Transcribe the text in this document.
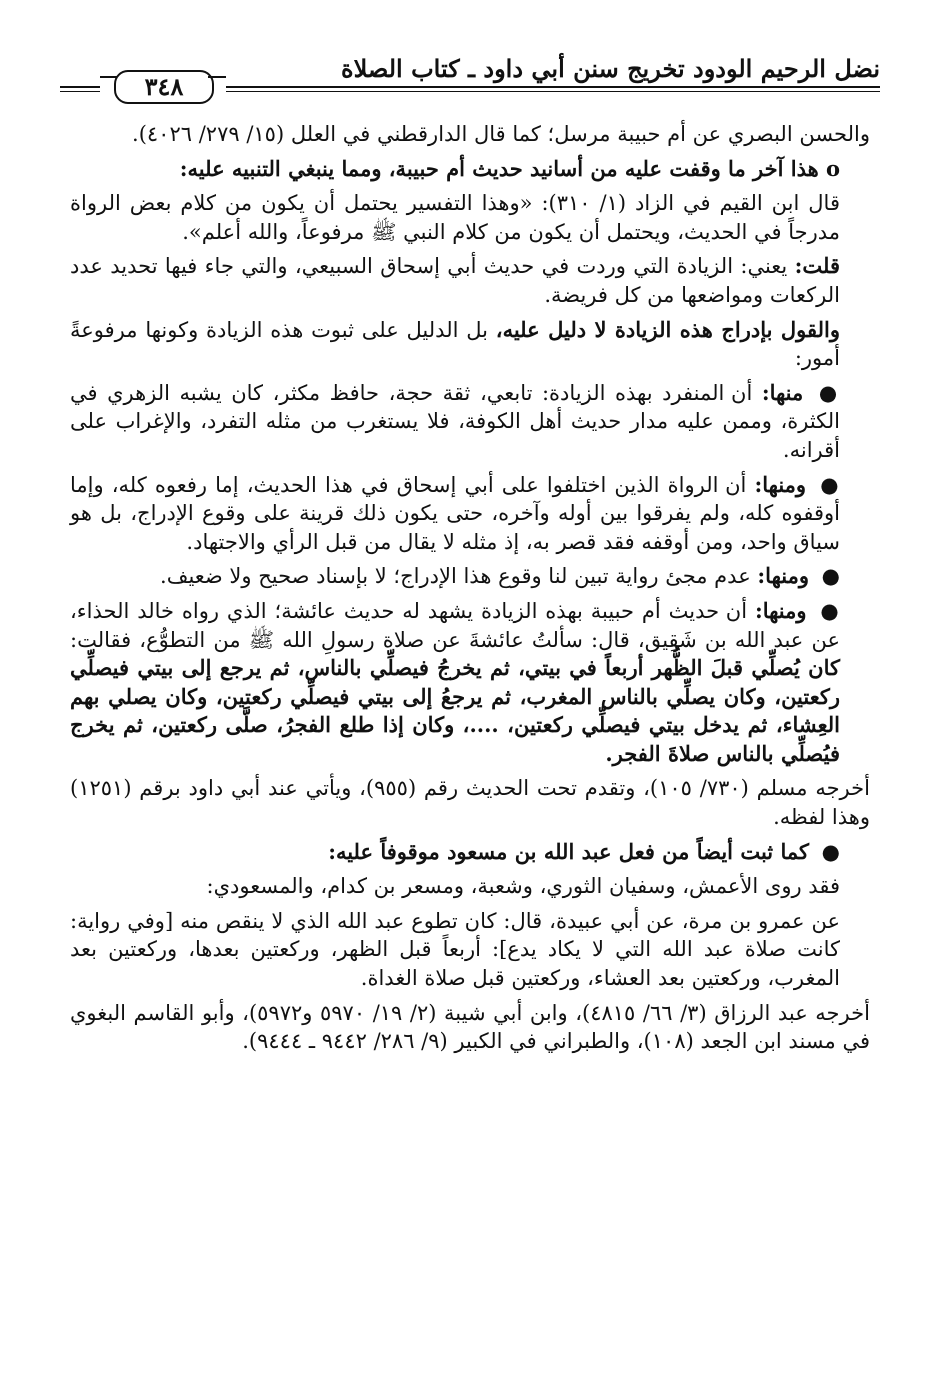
نضل الرحيم الودود تخريج سنن أبي داود ـ كتاب الصلاة
٣٤٨

والحسن البصري عن أم حبيبة مرسل؛ كما قال الدارقطني في العلل (١٥/ ٢٧٩/ ٤٠٢٦).

o هذا آخر ما وقفت عليه من أسانيد حديث أم حبيبة، ومما ينبغي التنبيه عليه:

قال ابن القيم في الزاد (١/ ٣١٠): «وهذا التفسير يحتمل أن يكون من كلام بعض الرواة مدرجاً في الحديث، ويحتمل أن يكون من كلام النبي ﷺ مرفوعاً، والله أعلم».

قلت: يعني: الزيادة التي وردت في حديث أبي إسحاق السبيعي، والتي جاء فيها تحديد عدد الركعات ومواضعها من كل فريضة.

والقول بإدراج هذه الزيادة لا دليل عليه، بل الدليل على ثبوت هذه الزيادة وكونها مرفوعةً أمور:

● منها: أن المنفرد بهذه الزيادة: تابعي، ثقة حجة، حافظ مكثر، كان يشبه الزهري في الكثرة، وممن عليه مدار حديث أهل الكوفة، فلا يستغرب من مثله التفرد، والإغراب على أقرانه.

● ومنها: أن الرواة الذين اختلفوا على أبي إسحاق في هذا الحديث، إما رفعوه كله، وإما أوقفوه كله، ولم يفرقوا بين أوله وآخره، حتى يكون ذلك قرينة على وقوع الإدراج، بل هو سياق واحد، ومن أوقفه فقد قصر به، إذ مثله لا يقال من قبل الرأي والاجتهاد.

● ومنها: عدم مجئ رواية تبين لنا وقوع هذا الإدراج؛ لا بإسناد صحيح ولا ضعيف.

● ومنها: أن حديث أم حبيبة بهذه الزيادة يشهد له حديث عائشة؛ الذي رواه خالد الحذاء، عن عبد الله بن شَقِيق، قال: سألتُ عائشةَ عن صلاة رسولِ الله ﷺ من التطوُّع، فقالت: كان يُصلِّي قبلَ الظُّهر أربعاً في بيتي، ثم يخرجُ فيصلِّي بالناس، ثم يرجع إلى بيتي فيصلِّي ركعتين، وكان يصلِّي بالناس المغرب، ثم يرجعُ إلى بيتي فيصلِّي ركعتين، وكان يصلي بهم العِشاء، ثم يدخل بيتي فيصلِّي ركعتين، ....، وكان إذا طلع الفجرُ، صلَّى ركعتين، ثم يخرج فيُصلِّي بالناس صلاةَ الفجر.

أخرجه مسلم (٧٣٠/ ١٠٥)، وتقدم تحت الحديث رقم (٩٥٥)، ويأتي عند أبي داود برقم (١٢٥١) وهذا لفظه.

● كما ثبت أيضاً من فعل عبد الله بن مسعود موقوفاً عليه:

فقد روى الأعمش، وسفيان الثوري، وشعبة، ومسعر بن كدام، والمسعودي:

عن عمرو بن مرة، عن أبي عبيدة، قال: كان تطوع عبد الله الذي لا ينقص منه [وفي رواية: كانت صلاة عبد الله التي لا يكاد يدع]: أربعاً قبل الظهر، وركعتين بعدها، وركعتين بعد المغرب، وركعتين بعد العشاء، وركعتين قبل صلاة الغداة.

أخرجه عبد الرزاق (٣/ ٦٦/ ٤٨١٥)، وابن أبي شيبة (٢/ ١٩/ ٥٩٧٠ و٥٩٧٢)، وأبو القاسم البغوي في مسند ابن الجعد (١٠٨)، والطبراني في الكبير (٩/ ٢٨٦/ ٩٤٤٢ ـ ٩٤٤٤).
